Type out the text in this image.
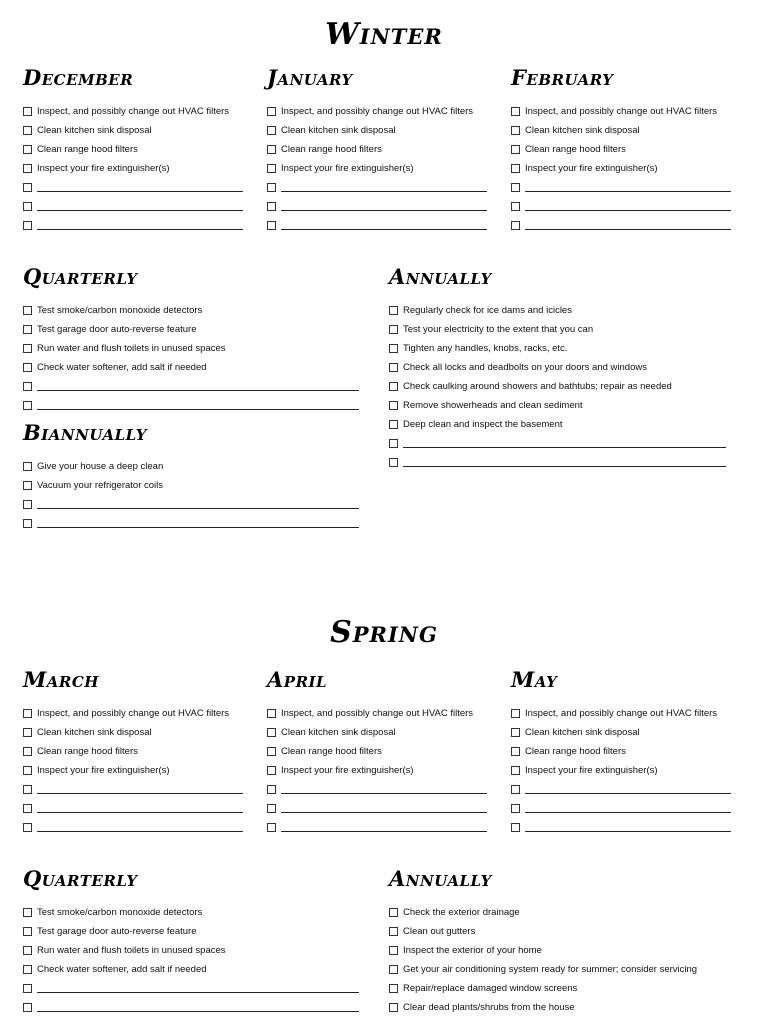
Winter
December
Inspect, and possibly change out HVAC filters
Clean kitchen sink disposal
Clean range hood filters
Inspect your fire extinguisher(s)
January
Inspect, and possibly change out HVAC filters
Clean kitchen sink disposal
Clean range hood filters
Inspect your fire extinguisher(s)
February
Inspect, and possibly change out HVAC filters
Clean kitchen sink disposal
Clean range hood filters
Inspect your fire extinguisher(s)
Quarterly
Test smoke/carbon monoxide detectors
Test garage door auto-reverse feature
Run water and flush toilets in unused spaces
Check water softener, add salt if needed
Biannually
Give your house a deep clean
Vacuum your refrigerator coils
Annually
Regularly check for ice dams and icicles
Test your electricity to the extent that you can
Tighten any handles, knobs, racks, etc.
Check all locks and deadbolts on your doors and windows
Check caulking around showers and bathtubs; repair as needed
Remove showerheads and clean sediment
Deep clean and inspect the basement
Spring
March
Inspect, and possibly change out HVAC filters
Clean kitchen sink disposal
Clean range hood filters
Inspect your fire extinguisher(s)
April
Inspect, and possibly change out HVAC filters
Clean kitchen sink disposal
Clean range hood filters
Inspect your fire extinguisher(s)
May
Inspect, and possibly change out HVAC filters
Clean kitchen sink disposal
Clean range hood filters
Inspect your fire extinguisher(s)
Quarterly
Test smoke/carbon monoxide detectors
Test garage door auto-reverse feature
Run water and flush toilets in unused spaces
Check water softener, add salt if needed
Annually
Check the exterior drainage
Clean out gutters
Inspect the exterior of your home
Get your air conditioning system ready for summer; consider servicing
Repair/replace damaged window screens
Clear dead plants/shrubs from the house
